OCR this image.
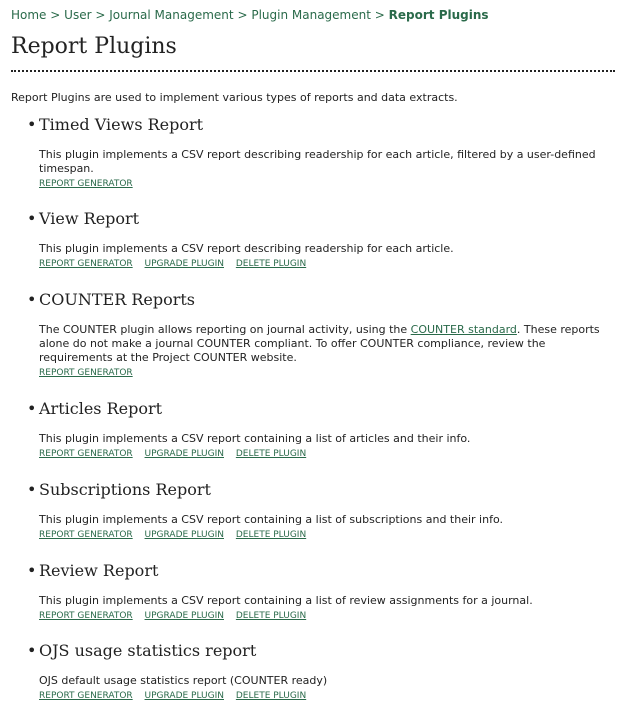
Home > User > Journal Management > Plugin Management > Report Plugins
Report Plugins

Report Plugins are used to implement various types of reports and data extracts.

• Timed Views Report

This plugin implements a CSV report describing readership for each article, filtered by a user-defined timespan.

REPORT GENERATOR
• View Report

This plugin implements a CSV report describing readership for each article.

REPORT GENERATOR UPGRADE PLUGIN DELETE PLUGIN
• COUNTER Reports

The COUNTER plugin allows reporting on journal activity, using the COUNTER standard. These reports alone do not make a journal COUNTER compliant. To offer COUNTER compliance, review the requirements at the Project COUNTER website.

REPORT GENERATOR
• Articles Report

This plugin implements a CSV report containing a list of articles and their info.

REPORT GENERATOR UPGRADE PLUGIN DELETE PLUGIN
• Subscriptions Report

This plugin implements a CSV report containing a list of subscriptions and their info.

REPORT GENERATOR UPGRADE PLUGIN DELETE PLUGIN
• Review Report

This plugin implements a CSV report containing a list of review assignments for a journal.

REPORT GENERATOR UPGRADE PLUGIN DELETE PLUGIN
• OJS usage statistics report

OJS default usage statistics report (COUNTER ready)

REPORT GENERATOR UPGRADE PLUGIN DELETE PLUGIN
